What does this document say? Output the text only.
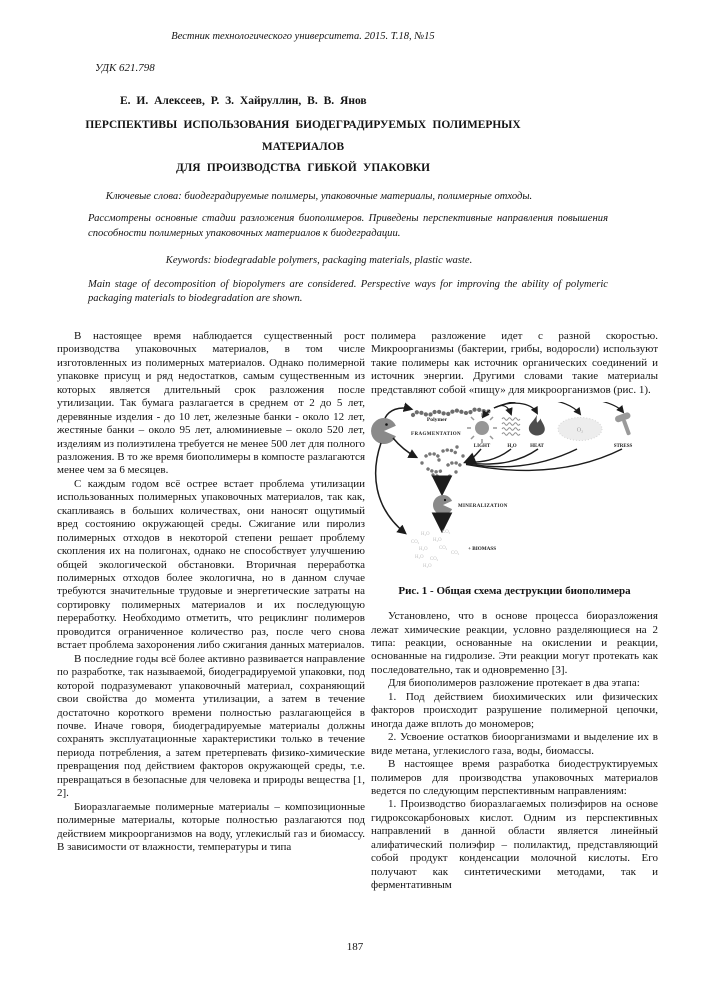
Вестник технологического университета. 2015. Т.18, №15
УДК 621.798
Е. И. Алексеев, Р. З. Хайруллин, В. В. Янов
ПЕРСПЕКТИВЫ ИСПОЛЬЗОВАНИЯ БИОДЕГРАДИРУЕМЫХ ПОЛИМЕРНЫХ МАТЕРИАЛОВ
ДЛЯ ПРОИЗВОДСТВА ГИБКОЙ УПАКОВКИ
Ключевые слова: биодеградируемые полимеры, упаковочные материалы, полимерные отходы.
Рассмотрены основные стадии разложения биополимеров. Приведены перспективные направления повышения способности полимерных упаковочных материалов к биодеградации.
Keywords: biodegradable polymers, packaging materials, plastic waste.
Main stage of decomposition of biopolymers are considered. Perspective ways for improving the ability of polymeric packaging materials to biodegradation are shown.

В настоящее время наблюдается существенный рост производства упаковочных материалов, в том числе изготовленных из полимерных материалов. Однако полимерной упаковке присущ и ряд недостатков, самым существенным из которых является длительный срок разложения после утилизации. Так бумага разлагается в среднем от 2 до 5 лет, деревянные изделия - до 10 лет, железные банки - около 12 лет, жестяные банки – около 95 лет, алюминиевые – около 520 лет, изделиям из полиэтилена требуется не менее 500 лет для полного разложения. В то же время биополимеры в компосте разлагаются менее чем за 6 месяцев.

С каждым годом всё острее встает проблема утилизации использованных полимерных упаковочных материалов, так как, скапливаясь в больших количествах, они наносят ощутимый вред состоянию окружающей среды. Сжигание или пиролиз полимерных отходов в некоторой степени решает проблему скопления их на полигонах, однако не способствует улучшению общей экологической обстановки. Вторичная переработка полимерных отходов более экологична, но в данном случае требуются значительные трудовые и энергетические затраты на сортировку полимерных материалов и их последующую переработку. Необходимо отметить, что рециклинг полимеров проводится ограниченное количество раз, после чего снова встает проблема захоронения либо сжигания данных материалов.

В последние годы всё более активно развивается направление по разработке, так называемой, биодеградируемой упаковки, под которой подразумевают упаковочный материал, сохраняющий свои свойства до момента утилизации, а затем в течение достаточно короткого времени полностью разлагающейся в почве. Иначе говоря, биодеградируемые материалы должны сохранять эксплуатационные характеристики только в течение периода потребления, а затем претерпевать физико-химические превращения под действием факторов окружающей среды, т.е. превращаться в безопасные для человека и природы вещества [1, 2].

Биоразлагаемые полимерные материалы – композиционные полимерные материалы, которые полностью разлагаются под действием микроорганизмов на воду, углекислый газ и биомассу. В зависимости от влажности, температуры и типа

полимера разложение идет с разной скоростью. Микроорганизмы (бактерии, грибы, водоросли) используют такие полимеры как источник органических соединений и источник энергии. Другими словами такие материалы представляют собой «пищу» для микроорганизмов (рис. 1).

Polymer
FRAGMENTATION
LIGHT	H₂O	HEAT
O₂
STRESS
MINERALIZATION
H₂O	CO₂
CO₂	H₂O
H₂O CO₂
CO₂
H₂O CO₂
H₂O
+ BIOMASS
Рис. 1 - Общая схема деструкции биополимера

Установлено, что в основе процесса биоразложения лежат химические реакции, условно разделяющиеся на 2 типа: реакции, основанные на окислении и реакции, основанные на гидролизе. Эти реакции могут протекать как последовательно, так и одновременно [3].

Для биополимеров разложение протекает в два этапа:

1. Под действием биохимических или физических факторов происходит разрушение полимерной цепочки, иногда даже вплоть до мономеров;

2. Усвоение остатков биоорганизмами и выделение их в виде метана, углекислого газа, воды, биомассы.

В настоящее время разработка биодеструктируемых полимеров для производства упаковочных материалов ведется по следующим перспективным направлениям:

1. Производство биоразлагаемых полиэфиров на основе гидроксокарбоновых кислот. Одним из перспективных направлений в данной области является линейный алифатический полиэфир – полилактид, представляющий собой продукт конденсации молочной кислоты. Его получают как синтетическими методами, так и ферментативным

187
